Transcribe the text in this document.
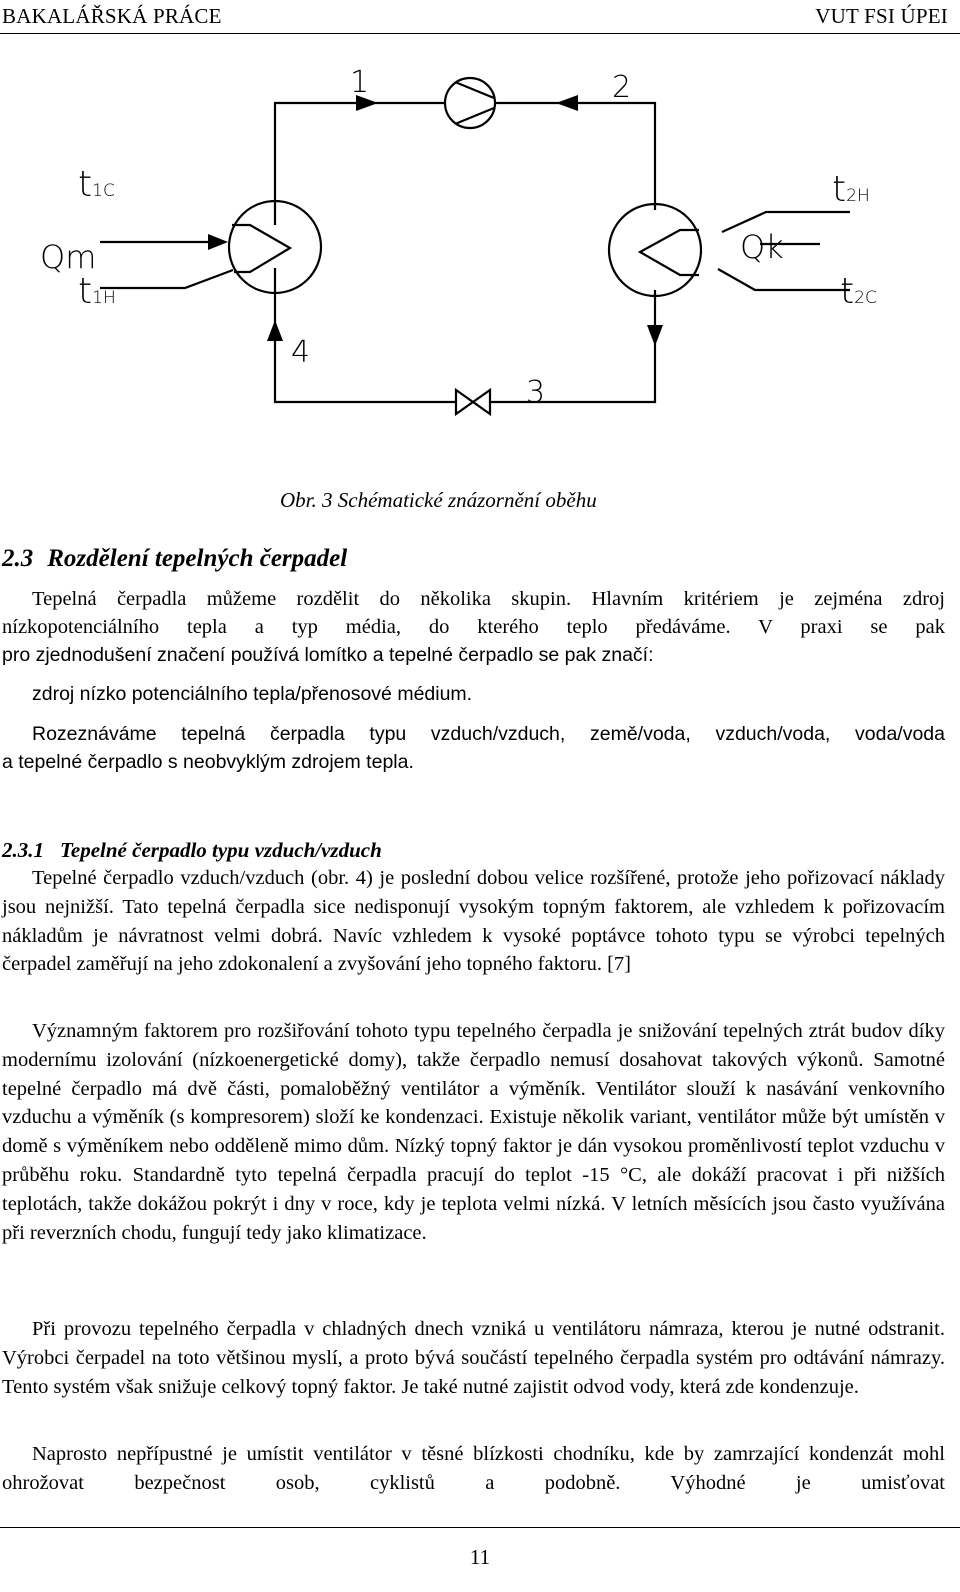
BAKALÁŘSKÁ PRÁCE	VUT FSI ÚPEI
1	2
3
4
t1C
Qm
t1H
t2H
Qk
t2C
Obr. 3 Schématické znázornění oběhu
2.3 Rozdělení tepelných čerpadel
Tepelná čerpadla můžeme rozdělit do několika skupin. Hlavním kritériem je zejména zdroj
nízkopotenciálního tepla a typ média, do kterého teplo předáváme. V praxi se pak
pro zjednodušení značení používá lomítko a tepelné čerpadlo se pak značí:
zdroj nízko potenciálního tepla/přenosové médium.
Rozeznáváme tepelná čerpadla typu vzduch/vzduch, země/voda, vzduch/voda, voda/voda
a tepelné čerpadlo s neobvyklým zdrojem tepla.
2.3.1 Tepelné čerpadlo typu vzduch/vzduch
Tepelné čerpadlo vzduch/vzduch (obr. 4) je poslední dobou velice rozšířené, protože jeho pořizovací náklady jsou nejnižší. Tato tepelná čerpadla sice nedisponují vysokým topným faktorem, ale vzhledem k pořizovacím nákladům je návratnost velmi dobrá. Navíc vzhledem k vysoké poptávce tohoto typu se výrobci tepelných čerpadel zaměřují na jeho zdokonalení a zvyšování jeho topného faktoru. [7]
Významným faktorem pro rozšiřování tohoto typu tepelného čerpadla je snižování tepelných ztrát budov díky modernímu izolování (nízkoenergetické domy), takže čerpadlo nemusí dosahovat takových výkonů. Samotné tepelné čerpadlo má dvě části, pomaloběžný ventilátor a výměník. Ventilátor slouží k nasávání venkovního vzduchu a výměník (s kompresorem) složí ke kondenzaci. Existuje několik variant, ventilátor může být umístěn v domě s výměníkem nebo odděleně mimo dům. Nízký topný faktor je dán vysokou proměnlivostí teplot vzduchu v průběhu roku. Standardně tyto tepelná čerpadla pracují do teplot -15 °C, ale dokáží pracovat i při nižších teplotách, takže dokážou pokrýt i dny v roce, kdy je teplota velmi nízká. V letních měsících jsou často využívána při reverzních chodu, fungují tedy jako klimatizace.
Při provozu tepelného čerpadla v chladných dnech vzniká u ventilátoru námraza, kterou je nutné odstranit. Výrobci čerpadel na toto většinou myslí, a proto bývá součástí tepelného čerpadla systém pro odtávání námrazy. Tento systém však snižuje celkový topný faktor. Je také nutné zajistit odvod vody, která zde kondenzuje.
Naprosto nepřípustné je umístit ventilátor v těsné blízkosti chodníku, kde by zamrzající kondenzát mohl ohrožovat bezpečnost osob, cyklistů a podobně. Výhodné je umisťovat
11
